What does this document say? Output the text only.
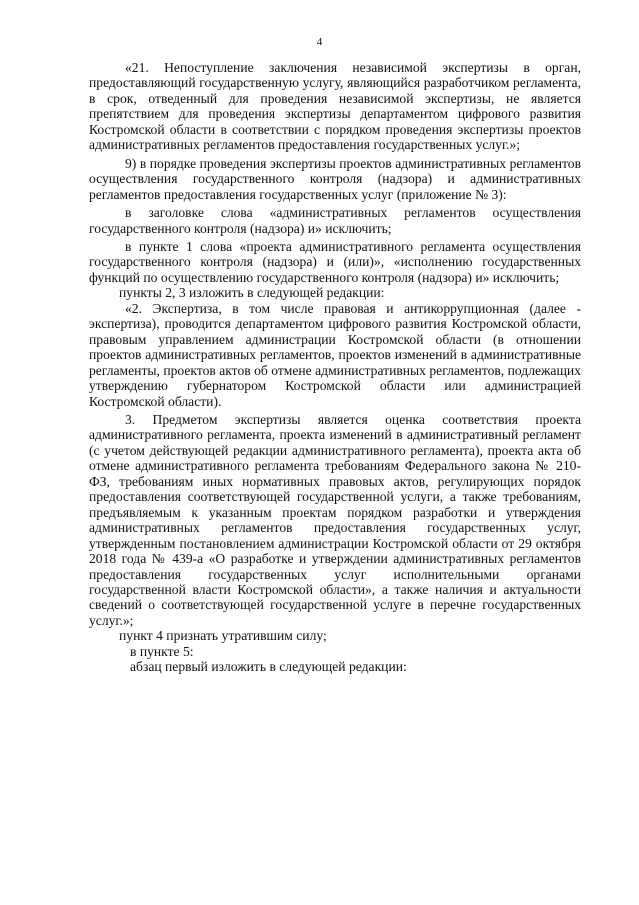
4

«21. Непоступление заключения независимой экспертизы в орган, предоставляющий государственную услугу, являющийся разработчиком регламента, в срок, отведенный для проведения независимой экспертизы, не является препятствием для проведения экспертизы департаментом цифрового развития Костромской области в соответствии с порядком проведения экспертизы проектов административных регламентов предоставления государственных услуг.»;

9) в порядке проведения экспертизы проектов административных регламентов осуществления государственного контроля (надзора) и административных регламентов предоставления государственных услуг (приложение № 3):

в заголовке слова «административных регламентов осуществления государственного контроля (надзора) и» исключить;

в пункте 1 слова «проекта административного регламента осуществления государственного контроля (надзора) и (или)», «исполнению государственных функций по осуществлению государственного контроля (надзора) и» исключить;

пункты 2, 3 изложить в следующей редакции:

«2. Экспертиза, в том числе правовая и антикоррупционная (далее - экспертиза), проводится департаментом цифрового развития Костромской области, правовым управлением администрации Костромской области (в отношении проектов административных регламентов, проектов изменений в административные регламенты, проектов актов об отмене административных регламентов, подлежащих утверждению губернатором Костромской области или администрацией Костромской области).

3. Предметом экспертизы является оценка соответствия проекта административного регламента, проекта изменений в административный регламент (с учетом действующей редакции административного регламента), проекта акта об отмене административного регламента требованиям Федерального закона № 210-ФЗ, требованиям иных нормативных правовых актов, регулирующих порядок предоставления соответствующей государственной услуги, а также требованиям, предъявляемым к указанным проектам порядком разработки и утверждения административных регламентов предоставления государственных услуг, утвержденным постановлением администрации Костромской области от 29 октября 2018 года № 439-а «О разработке и утверждении административных регламентов предоставления государственных услуг исполнительными органами государственной власти Костромской области», а также наличия и актуальности сведений о соответствующей государственной услуге в перечне государственных услуг.»;

пункт 4 признать утратившим силу;

в пункте 5:

абзац первый изложить в следующей редакции:
